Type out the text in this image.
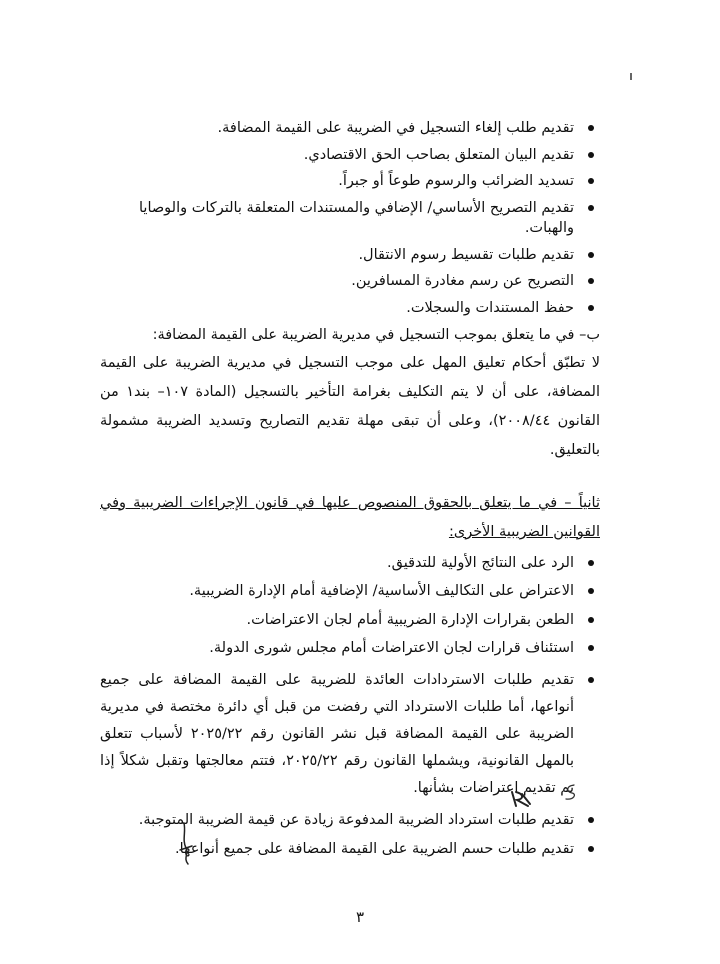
تقديم طلب إلغاء التسجيل في الضريبة على القيمة المضافة.
تقديم البيان المتعلق بصاحب الحق الاقتصادي.
تسديد الضرائب والرسوم طوعاً أو جبراً.
تقديم التصريح الأساسي/ الإضافي والمستندات المتعلقة بالتركات والوصايا والهبات.
تقديم طلبات تقسيط رسوم الانتقال.
التصريح عن رسم مغادرة المسافرين.
حفظ المستندات والسجلات.

ب– في ما يتعلق بموجب التسجيل في مديرية الضريبة على القيمة المضافة:

لا تطبّق أحكام تعليق المهل على موجب التسجيل في مديرية الضريبة على القيمة المضافة، على أن لا يتم التكليف بغرامة التأخير بالتسجيل (المادة ١٠٧– بند١ من القانون ٢٠٠٨/٤٤)، وعلى أن تبقى مهلة تقديم التصاريح وتسديد الضريبة مشمولة بالتعليق.

ثانياً – في ما يتعلق بالحقوق المنصوص عليها في قانون الإجراءات الضريبية وفي القوانين الضريبية الأخرى:

الرد على النتائج الأولية للتدقيق.
الاعتراض على التكاليف الأساسية/ الإضافية أمام الإدارة الضريبية.
الطعن بقرارات الإدارة الضريبية أمام لجان الاعتراضات.
استئناف قرارات لجان الاعتراضات أمام مجلس شورى الدولة.
تقديم طلبات الاستردادات العائدة للضريبة على القيمة المضافة على جميع أنواعها، أما طلبات الاسترداد التي رفضت من قبل أي دائرة مختصة في مديرية الضريبة على القيمة المضافة قبل نشر القانون رقم ٢٠٢٥/٢٢ لأسباب تتعلق بالمهل القانونية، ويشملها القانون رقم ٢٠٢٥/٢٢، فتتم معالجتها وتقبل شكلاً إذا تم تقديم اعتراضات بشأنها.
تقديم طلبات استرداد الضريبة المدفوعة زيادة عن قيمة الضريبة المتوجبة.
تقديم طلبات حسم الضريبة على القيمة المضافة على جميع أنواعها.
٣
